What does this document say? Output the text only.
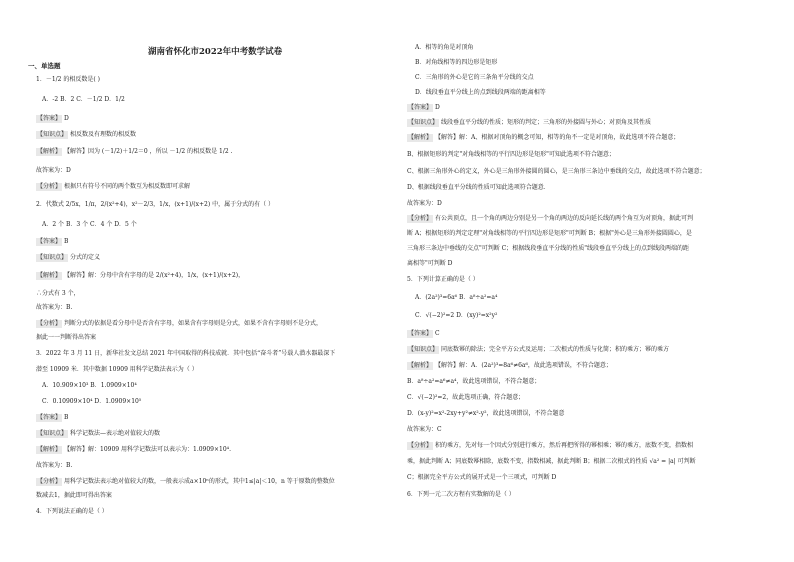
湖南省怀化市2022年中考数学试卷
一、单选题
1．－1/2 的相反数是( )
A．-2 B．2 C．－1/2 D．1/2
【答案】 D
【知识点】 相反数及有理数的相反数
【解析】 【解答】因为 (－1/2)＋1/2＝0 ，所以 －1/2 的相反数是 1/2 .
故答案为：D
【分析】 根据只有符号不同的两个数互为相反数即可求解
2．代数式 2/5x，1/π，2/(x²+4)，x²－2/3，1/x，(x+1)/(x+2) 中，属于分式的有（ ）
A．2 个 B．3 个 C．4 个 D．5 个
【答案】 B
【知识点】 分式的定义
【解析】 【解答】解：分母中含有字母的是 2/(x²+4)，1/x，(x+1)/(x+2)，
∴分式有 3 个，
故答案为：B.
【分析】 判断分式的依据是看分母中是否含有字母，如果含有字母则是分式，如果不含有字母则不是分式，
据此一一判断得出答案
3．2022 年 3 月 11 日，新华社发文总结 2021 年中国取得的科技成就．其中包括“奋斗者”号载人潜水器最深下
潜至 10909 米．其中数据 10909 用科学记数法表示为（ ）
A．10.909×10³ B．1.0909×10⁴
C．0.10909×10⁴ D．1.0909×10⁵
【答案】 B
【知识点】 科学记数法—表示绝对值较大的数
【解析】 【解答】解：10909 用科学记数法可以表示为：1.0909×10⁴.
故答案为：B.
【分析】 用科学记数法表示绝对值较大的数，一般表示成a×10ⁿ的形式，其中1≤|a|＜10，n 等于原数的整数位
数减去1，据此即可得出答案
4．下列说法正确的是（ ）
A．相等的角是对顶角
B．对角线相等的四边形是矩形
C．三角形的外心是它的三条角平分线的交点
D．线段垂直平分线上的点到线段两端的距离相等
【答案】 D
【知识点】 线段垂直平分线的性质；矩形的判定；三角形的外接圆与外心；对顶角及其性质
【解析】 【解答】解：A、根据对顶角的概念可知，相等的角不一定是对顶角，故此选项不符合题意；
B、根据矩形的判定"对角线相等的平行四边形是矩形"可知此选项不符合题意；
C、根据三角形外心的定义，外心是三角形外接圆的圆心，是三角形三条边中垂线的交点，故此选项不符合题意；
D、根据线段垂直平分线的性质可知此选项符合题意．
故答案为：D
【分析】 有公共顶点，且一个角的两边分别是另一个角的两边的反向延长线的两个角互为对顶角，据此可判
断 A；根据矩形的判定定理"对角线相等的平行四边形是矩形"可判断 B；根据"外心是三角形外接圆圆心，是
三角形三条边中垂线的交点"可判断 C；根据线段垂直平分线的性质"线段垂直平分线上的点到线段两端的距
离相等"可判断 D
5．下列计算正确的是（ ）
A．(2a²)³=6a⁶ B．a⁸÷a²=a⁴
C．√(−2)²=2 D．(xy)²=x²y²
【答案】 C
【知识点】 同底数幂的除法；完全平方公式及运用；二次根式的性质与化简；积的乘方；幂的乘方
【解析】 【解答】解：A．(2a²)³=8a⁶≠6a⁶，故此选项错误，不符合题意；
B．a⁸÷a²=a⁶≠a⁴，故此选项错误，不符合题意；
C．√(−2)²=2，故此选项正确，符合题意；
D．(x-y)²=x²-2xy+y²≠x²-y²，故此选项错误，不符合题意
故答案为：C
【分析】 积的乘方，先对每一个因式分别进行乘方，然后再把所得的幂相乘；幂的乘方，底数不变，指数相
乘，据此判断 A；同底数幂相除，底数不变，指数相减，据此判断 B；根据二次根式的性质 √a² = |a| 可判断
C；根据完全平方公式的展开式是一个三项式，可判断 D
6．下列一元二次方程有实数解的是（ ）
